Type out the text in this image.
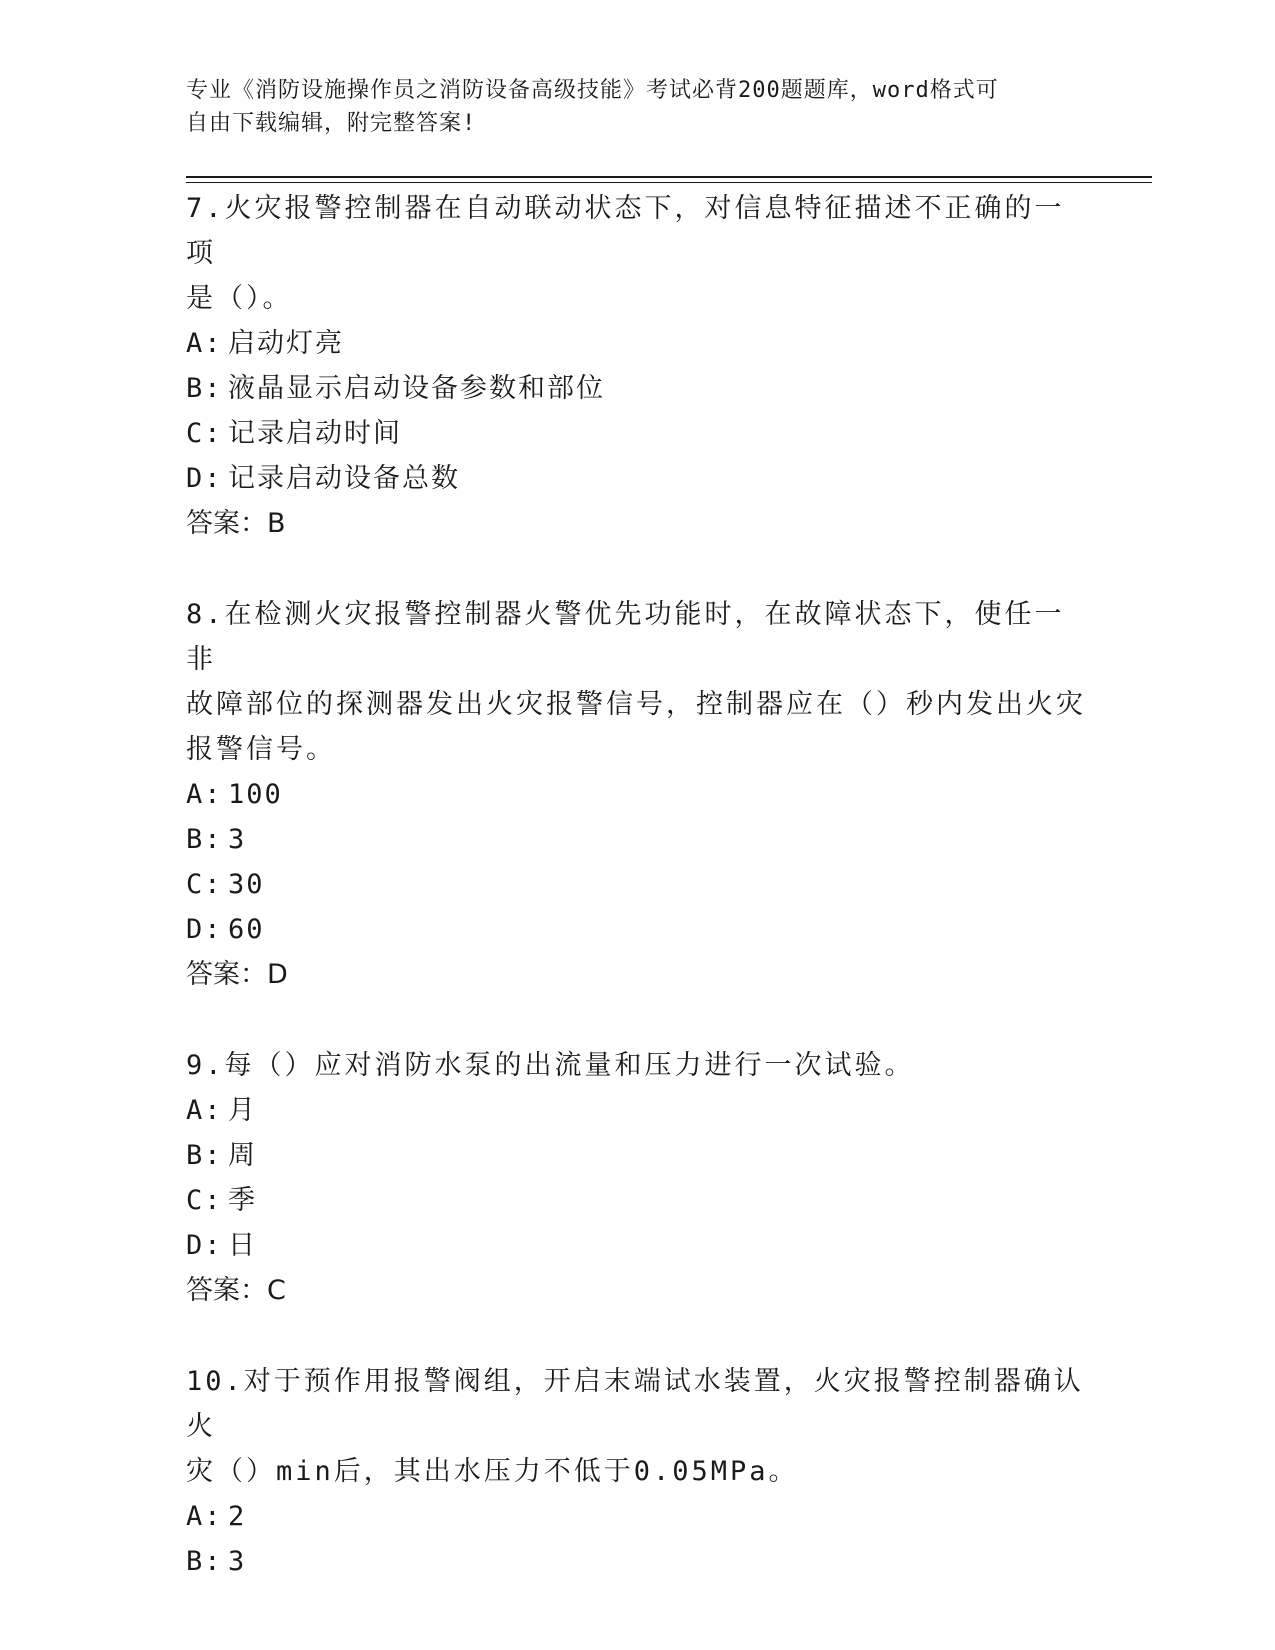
专业《消防设施操作员之消防设备高级技能》考试必背200题题库，word格式可
自由下载编辑，附完整答案!

7.火灾报警控制器在自动联动状态下，对信息特征描述不正确的一项

是（）。

A: 启动灯亮

B: 液晶显示启动设备参数和部位

C: 记录启动时间

D: 记录启动设备总数

答案：B

8.在检测火灾报警控制器火警优先功能时，在故障状态下，使任一非

故障部位的探测器发出火灾报警信号，控制器应在（）秒内发出火灾

报警信号。

A: 100

B: 3

C: 30

D: 60

答案：D

9.每（）应对消防水泵的出流量和压力进行一次试验。

A: 月

B: 周

C: 季

D: 日

答案：C

10.对于预作用报警阀组，开启末端试水装置，火灾报警控制器确认火

灾（）min后，其出水压力不低于0.05MPa。

A: 2

B: 3
